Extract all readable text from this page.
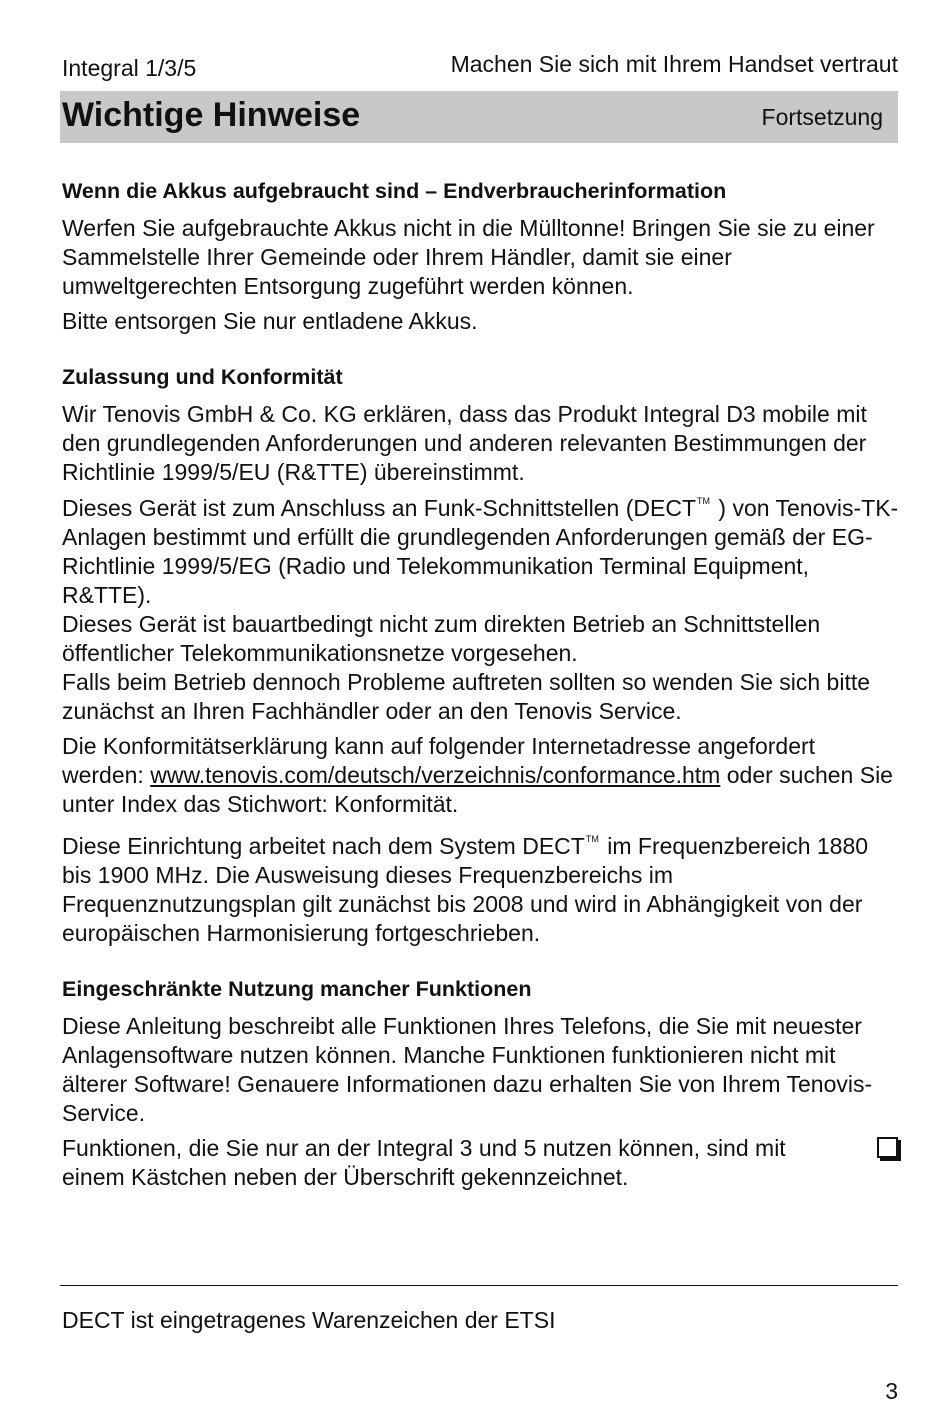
Integral 1/3/5	Machen Sie sich mit Ihrem Handset vertraut
Wichtige Hinweise	Fortsetzung
Wenn die Akkus aufgebraucht sind – Endverbraucherinformation

Werfen Sie aufgebrauchte Akkus nicht in die Mülltonne! Bringen Sie sie zu einer Sammelstelle Ihrer Gemeinde oder Ihrem Händler, damit sie einer umweltgerechten Entsorgung zugeführt werden können.

Bitte entsorgen Sie nur entladene Akkus.

Zulassung und Konformität

Wir Tenovis GmbH & Co. KG erklären, dass das Produkt Integral D3 mobile mit den grundlegenden Anforderungen und anderen relevanten Bestimmungen der Richtlinie 1999/5/EU (R&TTE) übereinstimmt.

Dieses Gerät ist zum Anschluss an Funk-Schnittstellen (DECT™ ) von Tenovis-TK-Anlagen bestimmt und erfüllt die grundlegenden Anforderungen gemäß der EG-Richtlinie 1999/5/EG (Radio und Telekommunikation Terminal Equipment, R&TTE).

Dieses Gerät ist bauartbedingt nicht zum direkten Betrieb an Schnittstellen öffentlicher Telekommunikationsnetze vorgesehen.

Falls beim Betrieb dennoch Probleme auftreten sollten so wenden Sie sich bitte zunächst an Ihren Fachhändler oder an den Tenovis Service.

Die Konformitätserklärung kann auf folgender Internetadresse angefordert werden: www.tenovis.com/deutsch/verzeichnis/conformance.htm oder suchen Sie unter Index das Stichwort: Konformität.

Diese Einrichtung arbeitet nach dem System DECT™ im Frequenzbereich 1880 bis 1900 MHz. Die Ausweisung dieses Frequenzbereichs im Frequenznutzungsplan gilt zunächst bis 2008 und wird in Abhängigkeit von der europäischen Harmonisierung fortgeschrieben.

Eingeschränkte Nutzung mancher Funktionen

Diese Anleitung beschreibt alle Funktionen Ihres Telefons, die Sie mit neuester Anlagensoftware nutzen können. Manche Funktionen funktionieren nicht mit älterer Software! Genauere Informationen dazu erhalten Sie von Ihrem Tenovis-Service.

Funktionen, die Sie nur an der Integral 3 und 5 nutzen können, sind mit einem Kästchen neben der Überschrift gekennzeichnet.

DECT ist eingetragenes Warenzeichen der ETSI
3
